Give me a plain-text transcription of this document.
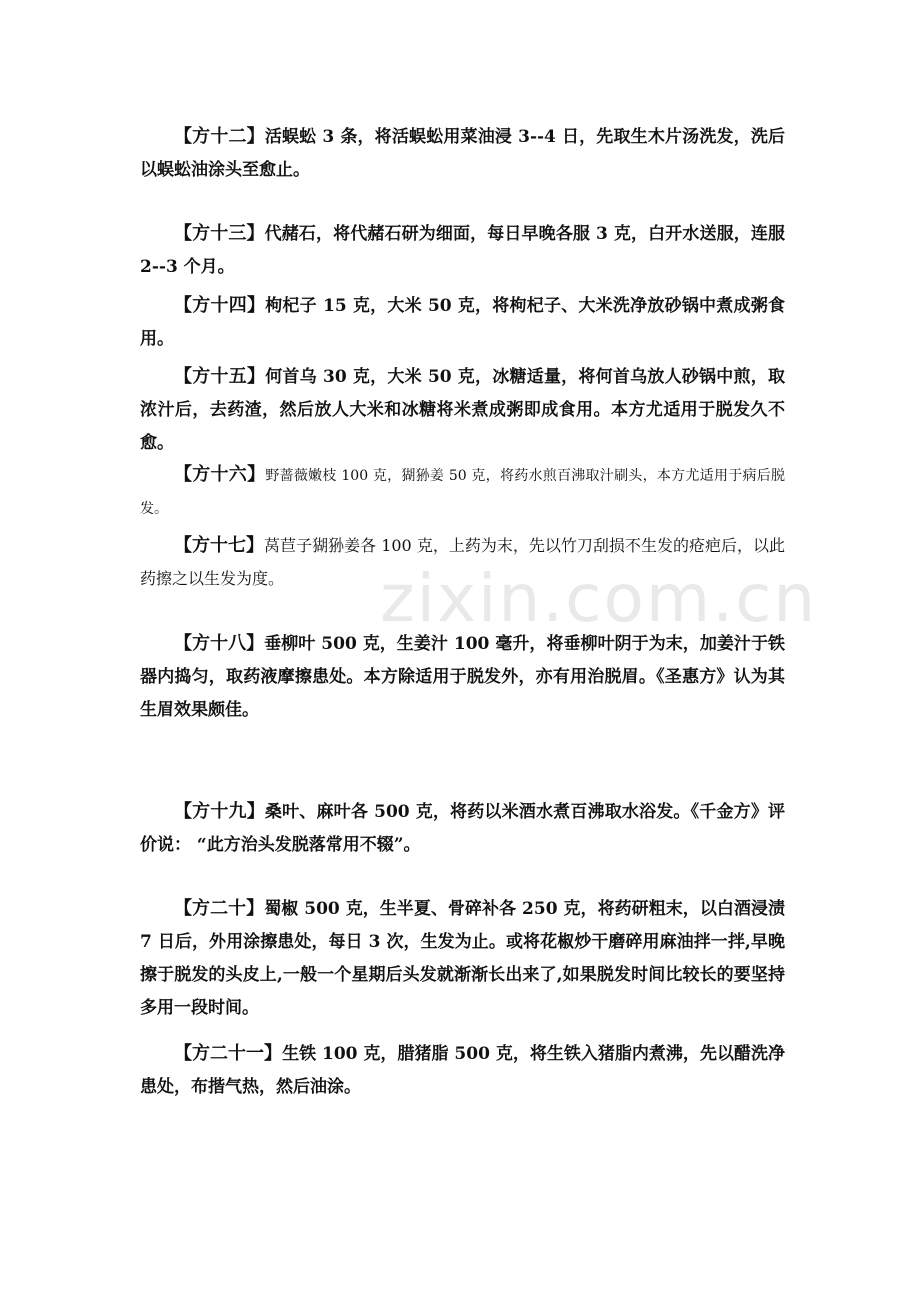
zixin.com.cn

【方十二】活蜈蚣 3 条，将活蜈蚣用菜油浸 3--4 日，先取生木片汤洗发，洗后以蜈蚣油涂头至愈止。

【方十三】代赭石，将代赭石研为细面，每日早晚各服 3 克，白开水送服，连服 2--3 个月。

【方十四】枸杞子 15 克，大米 50 克，将枸杞子、大米洗净放砂锅中煮成粥食用。

【方十五】何首乌 30 克，大米 50 克，冰糖适量，将何首乌放人砂锅中煎，取浓汁后，去药渣，然后放人大米和冰糖将米煮成粥即成食用。本方尤适用于脱发久不愈。

【方十六】野蔷薇嫩枝 100 克，猢狲姜 50 克，将药水煎百沸取汁刷头，本方尤适用于病后脱发。

【方十七】莴苣子猢狲姜各 100 克，上药为末，先以竹刀刮损不生发的疮疤后，以此药擦之以生发为度。

【方十八】垂柳叶 500 克，生姜汁 100 毫升，将垂柳叶阴于为末，加姜汁于铁器内捣匀，取药液摩擦患处。本方除适用于脱发外，亦有用治脱眉。《圣惠方》认为其生眉效果颇佳。

【方十九】桑叶、麻叶各 500 克，将药以米酒水煮百沸取水浴发。《千金方》评价说： “此方治头发脱落常用不辍”。

【方二十】蜀椒 500 克，生半夏、骨碎补各 250 克，将药研粗末，以白酒浸渍 7 日后，外用涂擦患处，每日 3 次，生发为止。或将花椒炒干磨碎用麻油拌一拌,早晚擦于脱发的头皮上,一般一个星期后头发就渐渐长出来了,如果脱发时间比较长的要坚持多用一段时间。

【方二十一】生铁 100 克，腊猪脂 500 克，将生铁入猪脂内煮沸，先以醋洗净患处，布揩气热，然后油涂。
